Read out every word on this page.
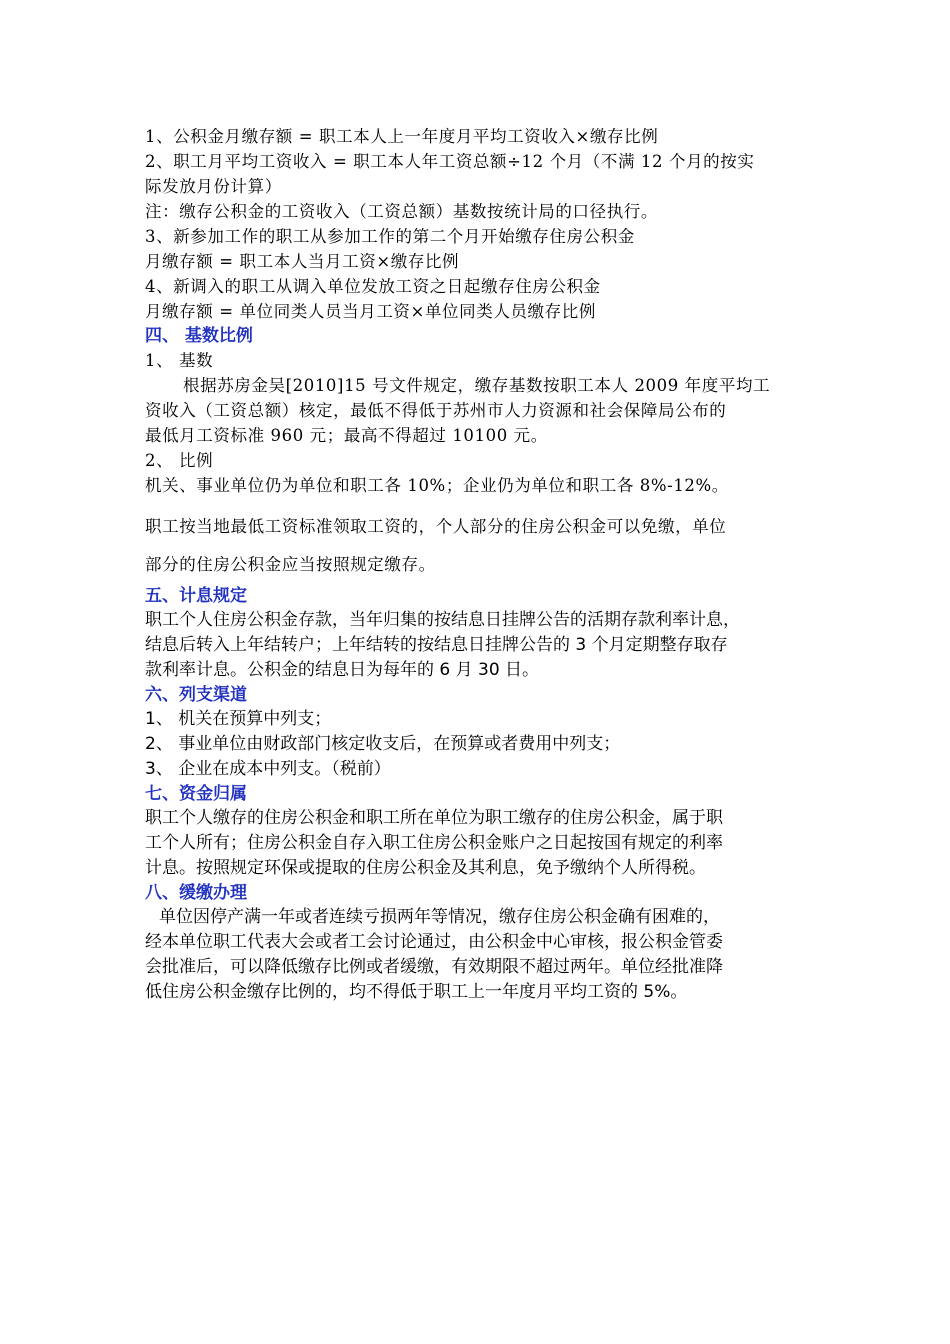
1、公积金月缴存额 = 职工本人上一年度月平均工资收入×缴存比例
2、职工月平均工资收入 = 职工本人年工资总额÷12 个月（不满 12 个月的按实
际发放月份计算）
注：缴存公积金的工资收入（工资总额）基数按统计局的口径执行。
3、新参加工作的职工从参加工作的第二个月开始缴存住房公积金
月缴存额 = 职工本人当月工资×缴存比例
4、新调入的职工从调入单位发放工资之日起缴存住房公积金
月缴存额 = 单位同类人员当月工资×单位同类人员缴存比例
四、 基数比例
1、 基数
根据苏房金吴[2010]15 号文件规定，缴存基数按职工本人 2009 年度平均工
资收入（工资总额）核定，最低不得低于苏州市人力资源和社会保障局公布的
最低月工资标准 960 元；最高不得超过 10100 元。
2、 比例
机关、事业单位仍为单位和职工各 10%；企业仍为单位和职工各 8%-12%。
职工按当地最低工资标准领取工资的，个人部分的住房公积金可以免缴，单位
部分的住房公积金应当按照规定缴存。
五、计息规定
职工个人住房公积金存款，当年归集的按结息日挂牌公告的活期存款利率计息，
结息后转入上年结转户；上年结转的按结息日挂牌公告的 3 个月定期整存取存
款利率计息。公积金的结息日为每年的 6 月 30 日。
六、列支渠道
1、 机关在预算中列支；
2、 事业单位由财政部门核定收支后，在预算或者费用中列支；
3、 企业在成本中列支。（税前）
七、资金归属
职工个人缴存的住房公积金和职工所在单位为职工缴存的住房公积金，属于职
工个人所有；住房公积金自存入职工住房公积金账户之日起按国有规定的利率
计息。按照规定环保或提取的住房公积金及其利息，免予缴纳个人所得税。
八、缓缴办理
单位因停产满一年或者连续亏损两年等情况，缴存住房公积金确有困难的，
经本单位职工代表大会或者工会讨论通过，由公积金中心审核，报公积金管委
会批准后，可以降低缴存比例或者缓缴，有效期限不超过两年。单位经批准降
低住房公积金缴存比例的，均不得低于职工上一年度月平均工资的 5%。
